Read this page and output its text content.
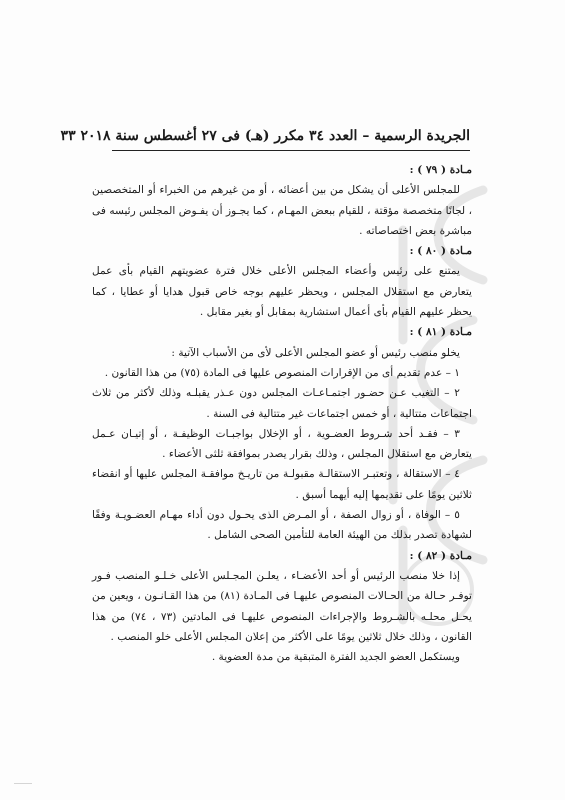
الجريدة الرسمية – العدد ٣٤ مكرر (هـ) فى ٢٧ أغسطس سنة ٢٠١٨ ٣٣

مـادة ( ٧٩ ) :

للمجلس الأعلى أن يشكل من بين أعضائه ، أو من غيرهم من الخبراء أو المتخصصين ، لجانًا متخصصة مؤقتة ، للقيام ببعض المهـام ، كما يجـوز أن يفـوض المجلس رئيسه فى مباشرة بعض اختصاصاته .

مـادة ( ٨٠ ) :

يمتنع على رئيس وأعضاء المجلس الأعلى خلال فترة عضويتهم القيام بأى عمل يتعارض مع استقلال المجلس ، ويحظر عليهم بوجه خاص قبول هدايا أو عطايا ، كما يحظر عليهم القيام بأى أعمال استشارية بمقابل أو بغير مقابل .

مـادة ( ٨١ ) :

يخلو منصب رئيس أو عضو المجلس الأعلى لأى من الأسباب الآتية :

١ – عدم تقديم أى من الإقرارات المنصوص عليها فى المادة (٧٥) من هذا القانون .

٢ – التغيب عـن حضـور اجتمـاعـات المجلس دون عـذر يقبلـه وذلك لأكثر من ثلاث اجتماعات متتالية ، أو خمس اجتماعات غير متتالية فى السنة .

٣ – فقـد أحد شـروط العضـوية ، أو الإخلال بواجبـات الوظيفـة ، أو إتيـان عـمل يتعارض مع استقلال المجلس ، وذلك بقرار يصدر بموافقة ثلثى الأعضاء .

٤ – الاستقالة ، وتعتبـر الاستقالـة مقبولـة من تاريـخ موافقـة المجلس عليها أو انقضاء ثلاثين يومًا على تقديمها إليه أيهما أسبق .

٥ – الوفاة ، أو زوال الصفة ، أو المـرض الذى يحـول دون أداء مهـام العضـويـة وفقًا لشهادة تصدر بذلك من الهيئة العامة للتأمين الصحى الشامل .

مـادة ( ٨٢ ) :

إذا خلا منصب الرئيس أو أحد الأعضـاء ، يعلـن المجـلس الأعلى خـلـو المنصب فـور توفـر حـالة من الحـالات المنصوص عليهـا فى المـادة (٨١) من هذا القـانـون ، ويعين من يحـل محلـه بالشـروط والإجراءات المنصوص عليهـا فى المادتين (٧٣ ، ٧٤) من هذا القانون ، وذلك خلال ثلاثين يومًا على الأكثر من إعلان المجلس الأعلى خلو المنصب .

ويستكمل العضو الجديد الفترة المتبقية من مدة العضوية .
